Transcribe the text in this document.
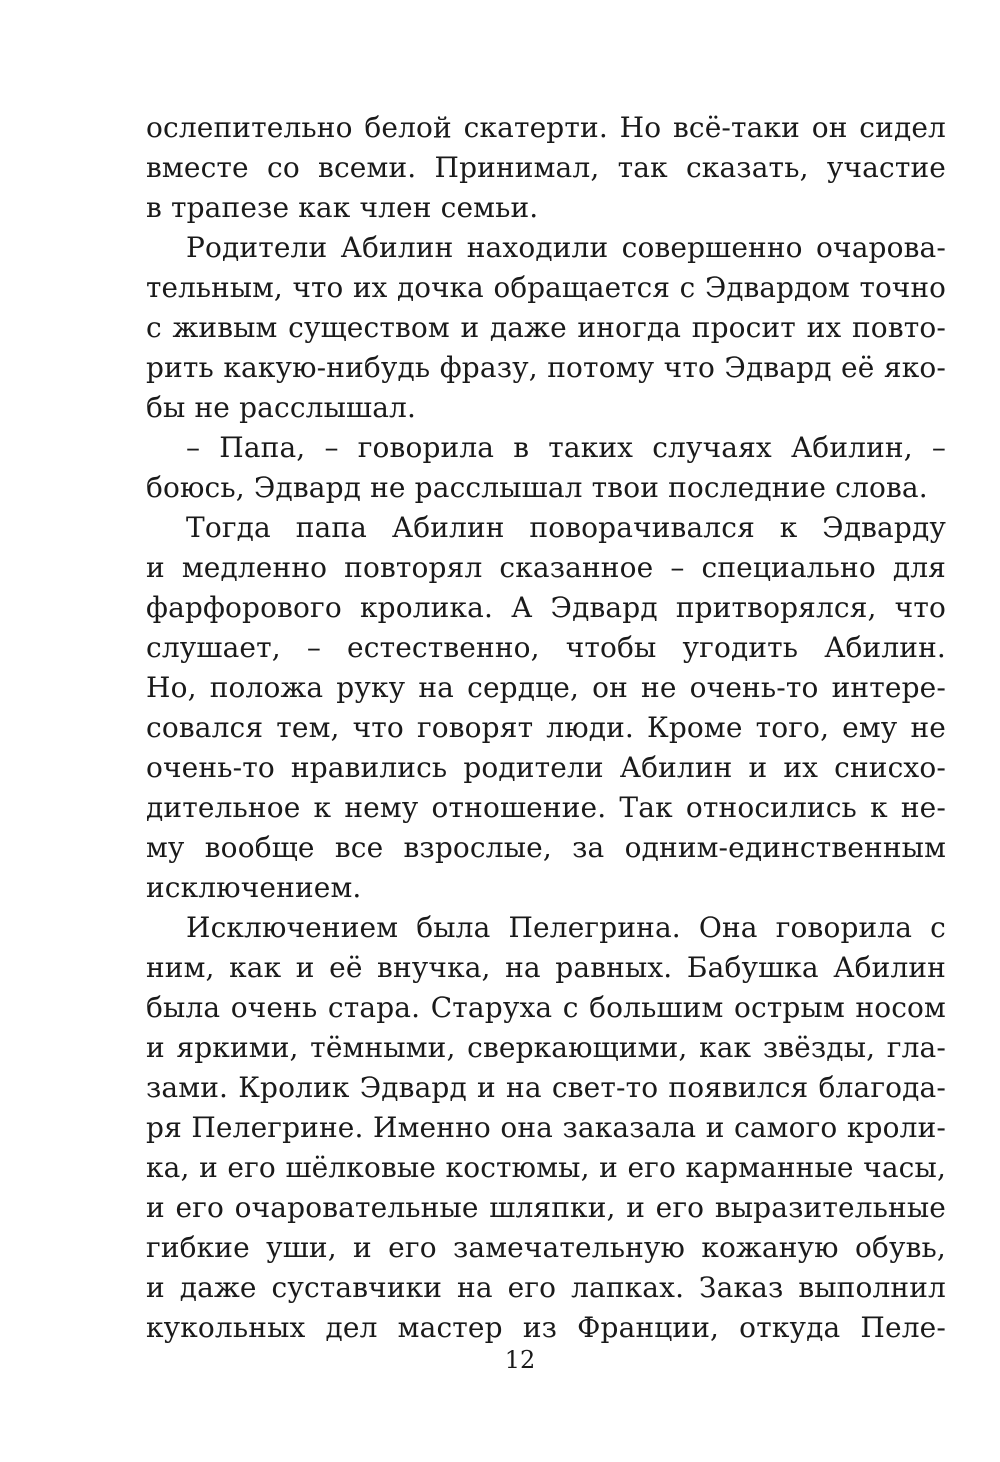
ослепительно белой скатерти. Но всё-таки он сидел
вместе со всеми. Принимал, так сказать, участие
в трапезе как член семьи.
Родители Абилин находили совершенно очарова-
тельным, что их дочка обращается с Эдвардом точно
с живым существом и даже иногда просит их повто-
рить какую-нибудь фразу, потому что Эдвард её яко-
бы не расслышал.
– Папа, – говорила в таких случаях Абилин, –
боюсь, Эдвард не расслышал твои последние слова.
Тогда папа Абилин поворачивался к Эдварду
и медленно повторял сказанное – специально для
фарфорового кролика. А Эдвард притворялся, что
слушает, – естественно, чтобы угодить Абилин.
Но, положа руку на сердце, он не очень-то интере-
совался тем, что говорят люди. Кроме того, ему не
очень-то нравились родители Абилин и их снисхо-
дительное к нему отношение. Так относились к не-
му вообще все взрослые, за одним-единственным
исключением.
Исключением была Пелегрина. Она говорила с
ним, как и её внучка, на равных. Бабушка Абилин
была очень стара. Старуха с большим острым носом
и яркими, тёмными, сверкающими, как звёзды, гла-
зами. Кролик Эдвард и на свет-то появился благода-
ря Пелегрине. Именно она заказала и самого кроли-
ка, и его шёлковые костюмы, и его карманные часы,
и его очаровательные шляпки, и его выразительные
гибкие уши, и его замечательную кожаную обувь,
и даже суставчики на его лапках. Заказ выполнил
кукольных дел мастер из Франции, откуда Пеле-
12
